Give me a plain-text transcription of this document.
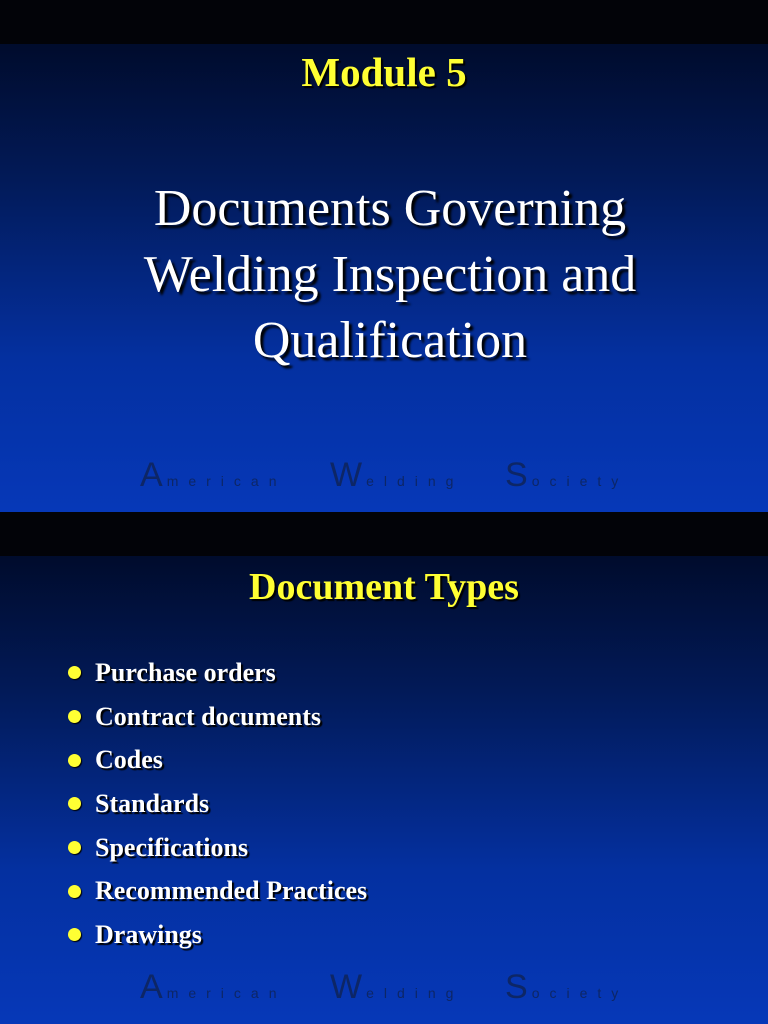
Module 5
Documents Governing
Welding Inspection and
Qualification
American Welding Society
American Welding Society
Document Types
Purchase orders
Contract documents
Codes
Standards
Specifications
Recommended Practices
Drawings
